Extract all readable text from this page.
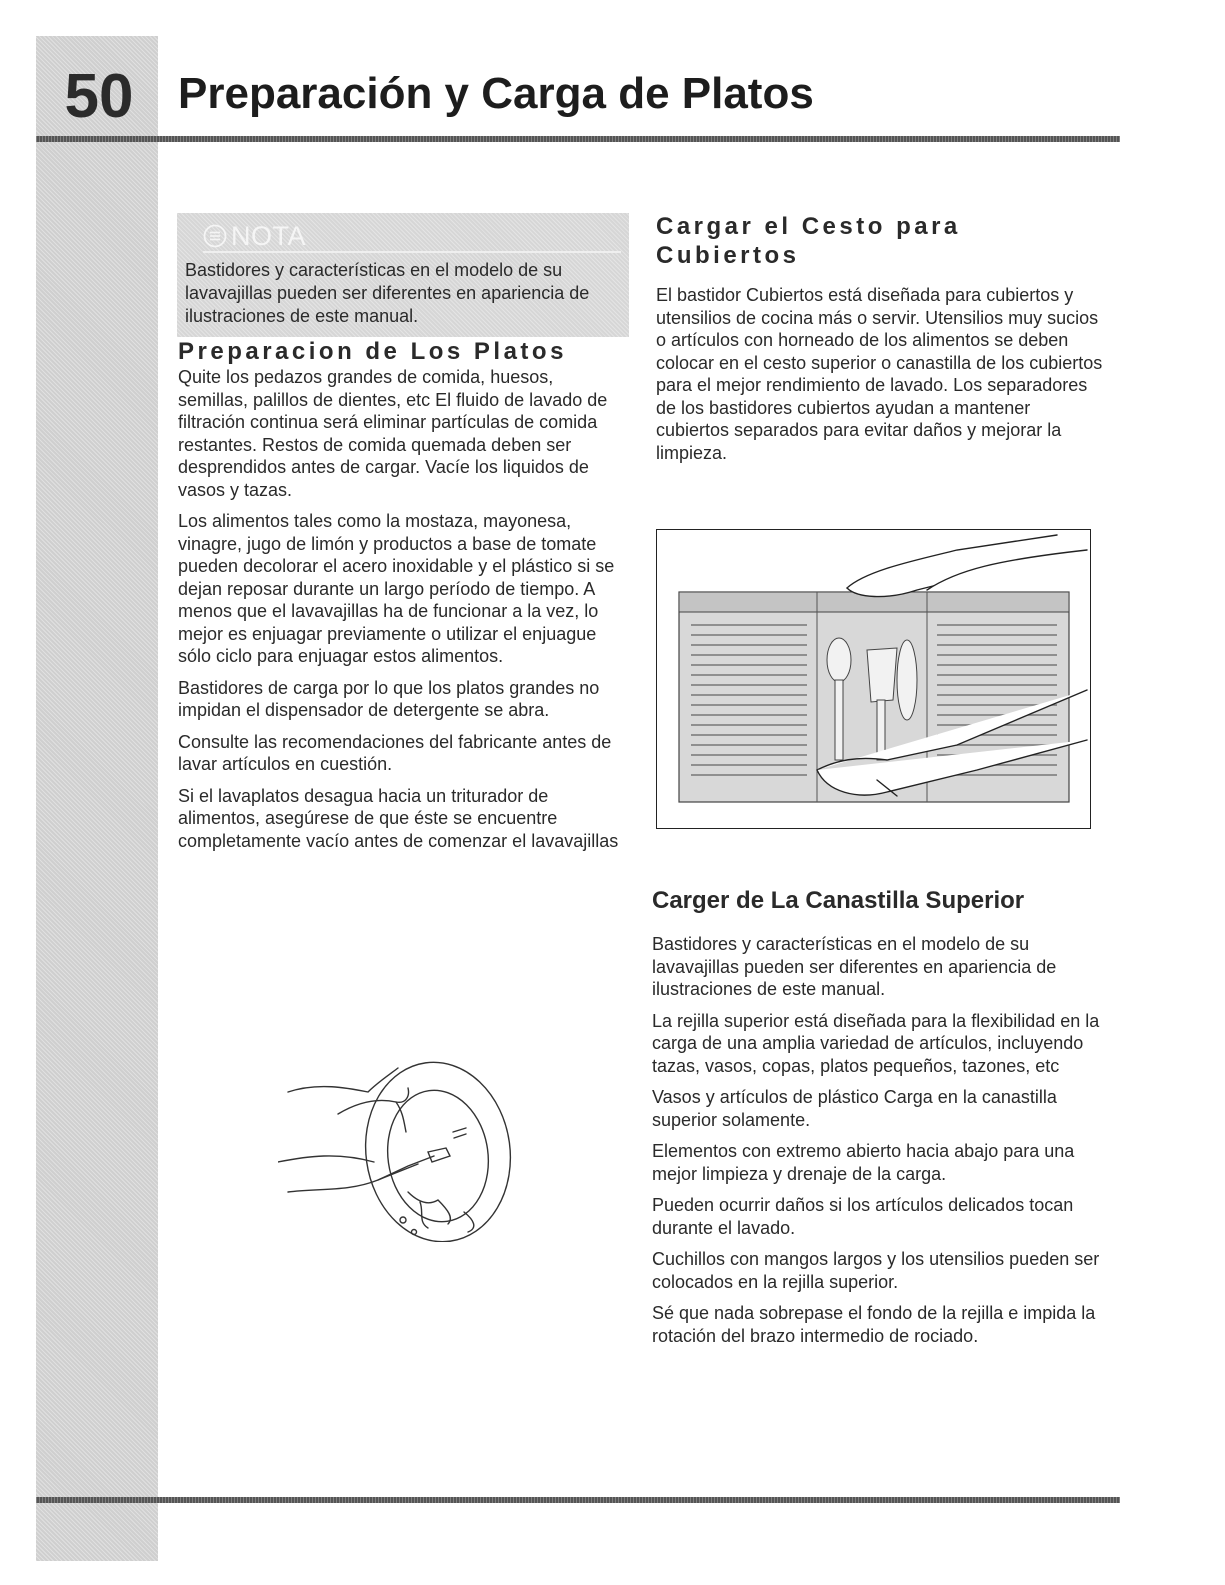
50	Preparación y Carga de Platos
NOTA
Bastidores y características en el modelo de su lavavajillas pueden ser diferentes en apariencia de ilustraciones de este manual.
Preparacion de Los Platos

Quite los pedazos grandes de comida, huesos, semillas, palillos de dientes, etc El fluido de lavado de filtración continua será eliminar partículas de comida restantes. Restos de comida quemada deben ser desprendidos antes de cargar. Vacíe los liquidos de vasos y tazas.

Los alimentos tales como la mostaza, mayonesa, vinagre, jugo de limón y productos a base de tomate pueden decolorar el acero inoxidable y el plástico si se dejan reposar durante un largo período de tiempo. A menos que el lavavajillas ha de funcionar a la vez, lo mejor es enjuagar previamente o utilizar el enjuague sólo ciclo para enjuagar estos alimentos.

Bastidores de carga por lo que los platos grandes no impidan el dispensador de detergente se abra.

Consulte las recomendaciones del fabricante antes de lavar artículos en cuestión.

Si el lavaplatos desagua hacia un triturador de alimentos, asegúrese de que éste se encuentre completamente vacío antes de comenzar el lavavajillas

Cargar el Cesto para
Cubiertos

El bastidor Cubiertos está diseñada para cubiertos y utensilios de cocina más o servir. Utensilios muy sucios o artículos con horneado de los alimentos se deben colocar en el cesto superior o canastilla de los cubiertos para el mejor rendimiento de lavado. Los separadores de los bastidores cubiertos ayudan a mantener cubiertos separados para evitar daños y mejorar la limpieza.

Carger de La Canastilla Superior

Bastidores y características en el modelo de su lavavajillas pueden ser diferentes en apariencia de ilustraciones de este manual.

La rejilla superior está diseñada para la flexibilidad en la carga de una amplia variedad de artículos, incluyendo tazas, vasos, copas, platos pequeños, tazones, etc

Vasos y artículos de plástico Carga en la canastilla superior solamente.

Elementos con extremo abierto hacia abajo para una mejor limpieza y drenaje de la carga.

Pueden ocurrir daños si los artículos delicados tocan durante el lavado.

Cuchillos con mangos largos y los utensilios pueden ser colocados en la rejilla superior.

Sé que nada sobrepase el fondo de la rejilla e impida la rotación del brazo intermedio de rociado.
